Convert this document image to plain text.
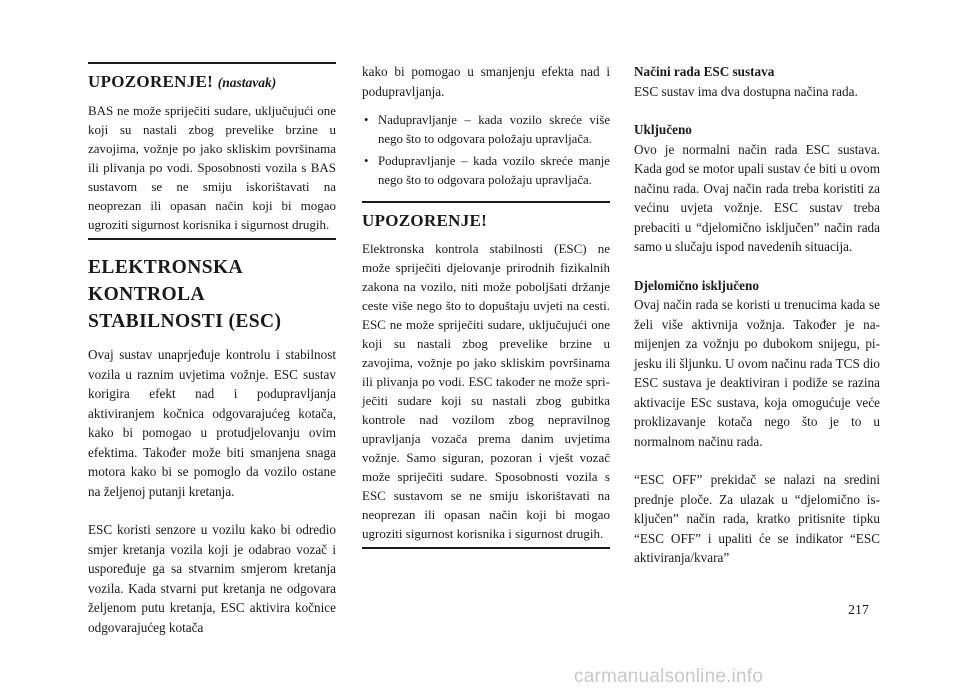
UPOZORENJE! (nastavak)

BAS ne može spriječiti sudare, uključujući one koji su nastali zbog prevelike brzine u zavojima, vožnje po jako skliskim površinama ili plivanja po vodi. Sposobnosti vozila s BAS sustavom se ne smiju iskorištavati na neoprezan ili opasan način koji bi mogao ugroziti sigurnost korisnika i sigurnost drugih.

ELEKTRONSKA KONTROLA STABILNOSTI (ESC)

Ovaj sustav unaprjeđuje kontrolu i stabilnost vozila u raznim uvjetima vožnje. ESC sustav korigira efekt nad i podupravljanja aktiviranjem kočnica odgovarajućeg kotača, kako bi pomogao u protudjelovanju ovim efektima. Također može biti smanjena snaga motora kako bi se pomoglo da vozilo ostane na željenoj putanji kretanja.

ESC koristi senzore u vozilu kako bi odredio smjer kretanja vozila koji je odabrao vozač i uspoređuje ga sa stvarnim smjerom kretanja vozila. Kada stvarni put kretanja ne odgovara željenom putu kretanja, ESC aktivira kočnice odgovarajućeg kotača

kako bi pomogao u smanjenju efekta nad i podupravljanja.

• Nadupravljanje – kada vozilo skreće više nego što to odgovara položaju upravljača.
• Podupravljanje – kada vozilo skreće manje nego što to odgovara položaju upravljača.
UPOZORENJE!

Elektronska kontrola stabilnosti (ESC) ne može spriječiti djelovanje prirodnih fizikalnih zakona na vozilo, niti može poboljšati držanje ceste više nego što to dopuštaju uvjeti na cesti. ESC ne može spriječiti sudare, uključujući one koji su nastali zbog prevelike brzine u zavojima, vožnje po jako skliskim površinama ili plivanja po vodi. ESC također ne može spriječiti sudare koji su nastali zbog gubitka kontrole nad vozilom zbog nepravilnog upravljanja vozača prema danim uvjetima vožnje. Samo siguran, pozoran i vješt vozač može spriječiti sudare. Sposobnosti vozila s ESC sustavom se ne smiju iskorištavati na neoprezan ili opasan način koji bi mogao ugroziti sigurnost korisnika i sigurnost drugih.

Načini rada ESC sustava

ESC sustav ima dva dostupna načina rada.

Uključeno

Ovo je normalni način rada ESC sustava. Kada god se motor upali sustav će biti u ovom načinu rada. Ovaj način rada treba koristiti za većinu uvjeta vožnje. ESC sustav treba prebaciti u “djelomično isključen” način rada samo u slučaju ispod navedenih situacija.

Djelomično isključeno

Ovaj način rada se koristi u trenucima kada se želi više aktivnija vožnja. Također je namijenjen za vožnju po dubokom snijegu, pijesku ili šljunku. U ovom načinu rada TCS dio ESC sustava je deaktiviran i podiže se razina aktivacije ESc sustava, koja omogućuje veće proklizavanje kotača nego što je to u normalnom načinu rada.

“ESC OFF” prekidač se nalazi na sredini prednje ploče. Za ulazak u “djelomično isključen” način rada, kratko pritisnite tipku “ESC OFF” i upaliti će se indikator “ESC aktiviranja/kvara”

217
carmanualsonline.info
